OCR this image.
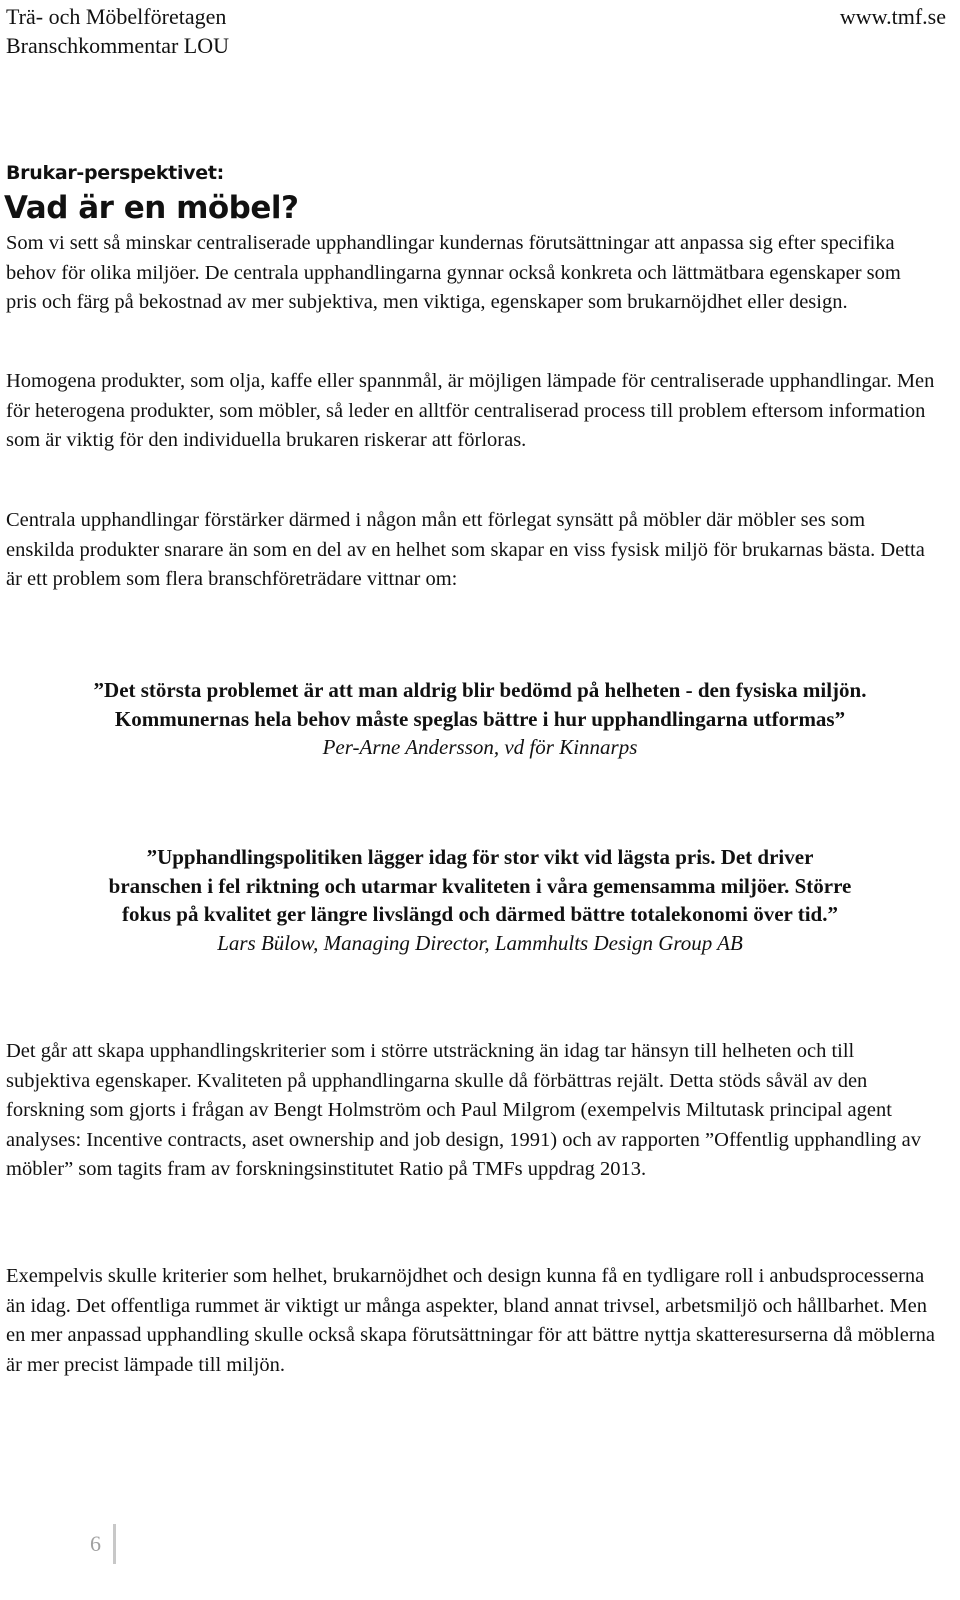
Trä- och Möbelföretagen
Branschkommentar LOU
www.tmf.se
Brukar-perspektivet:
Vad är en möbel?

Som vi sett så minskar centraliserade upphandlingar kundernas förutsättningar att anpassa sig efter specifika behov för olika miljöer. De centrala upphandlingarna gynnar också konkreta och lättmätbara egenskaper som pris och färg på bekostnad av mer subjektiva, men viktiga, egenskaper som brukarnöjdhet eller design.

Homogena produkter, som olja, kaffe eller spannmål, är möjligen lämpade för centraliserade upphandlingar. Men för heterogena produkter, som möbler, så leder en alltför centraliserad process till problem eftersom information som är viktig för den individuella brukaren riskerar att förloras.

Centrala upphandlingar förstärker därmed i någon mån ett förlegat synsätt på möbler där möbler ses som enskilda produkter snarare än som en del av en helhet som skapar en viss fysisk miljö för brukarnas bästa. Detta är ett problem som flera branschföreträdare vittnar om:

”Det största problemet är att man aldrig blir bedömd på helheten - den fysiska miljön. Kommunernas hela behov måste speglas bättre i hur upphandlingarna utformas”

Per-Arne Andersson, vd för Kinnarps

”Upphandlingspolitiken lägger idag för stor vikt vid lägsta pris. Det driver branschen i fel riktning och utarmar kvaliteten i våra gemensamma miljöer. Större fokus på kvalitet ger längre livslängd och därmed bättre totalekonomi över tid.”

Lars Bülow, Managing Director, Lammhults Design Group AB

Det går att skapa upphandlingskriterier som i större utsträckning än idag tar hänsyn till helheten och till subjektiva egenskaper. Kvaliteten på upphandlingarna skulle då förbättras rejält. Detta stöds såväl av den forskning som gjorts i frågan av Bengt Holmström och Paul Milgrom (exempelvis Miltutask principal agent analyses: Incentive contracts, aset ownership and job design, 1991) och av rapporten ”Offentlig upphandling av möbler” som tagits fram av forskningsinstitutet Ratio på TMFs uppdrag 2013.

Exempelvis skulle kriterier som helhet, brukarnöjdhet och design kunna få en tydligare roll i anbudsprocesserna än idag. Det offentliga rummet är viktigt ur många aspekter, bland annat trivsel, arbetsmiljö och hållbarhet. Men en mer anpassad upphandling skulle också skapa förutsättningar för att bättre nyttja skatteresurserna då möblerna är mer precist lämpade till miljön.

6
